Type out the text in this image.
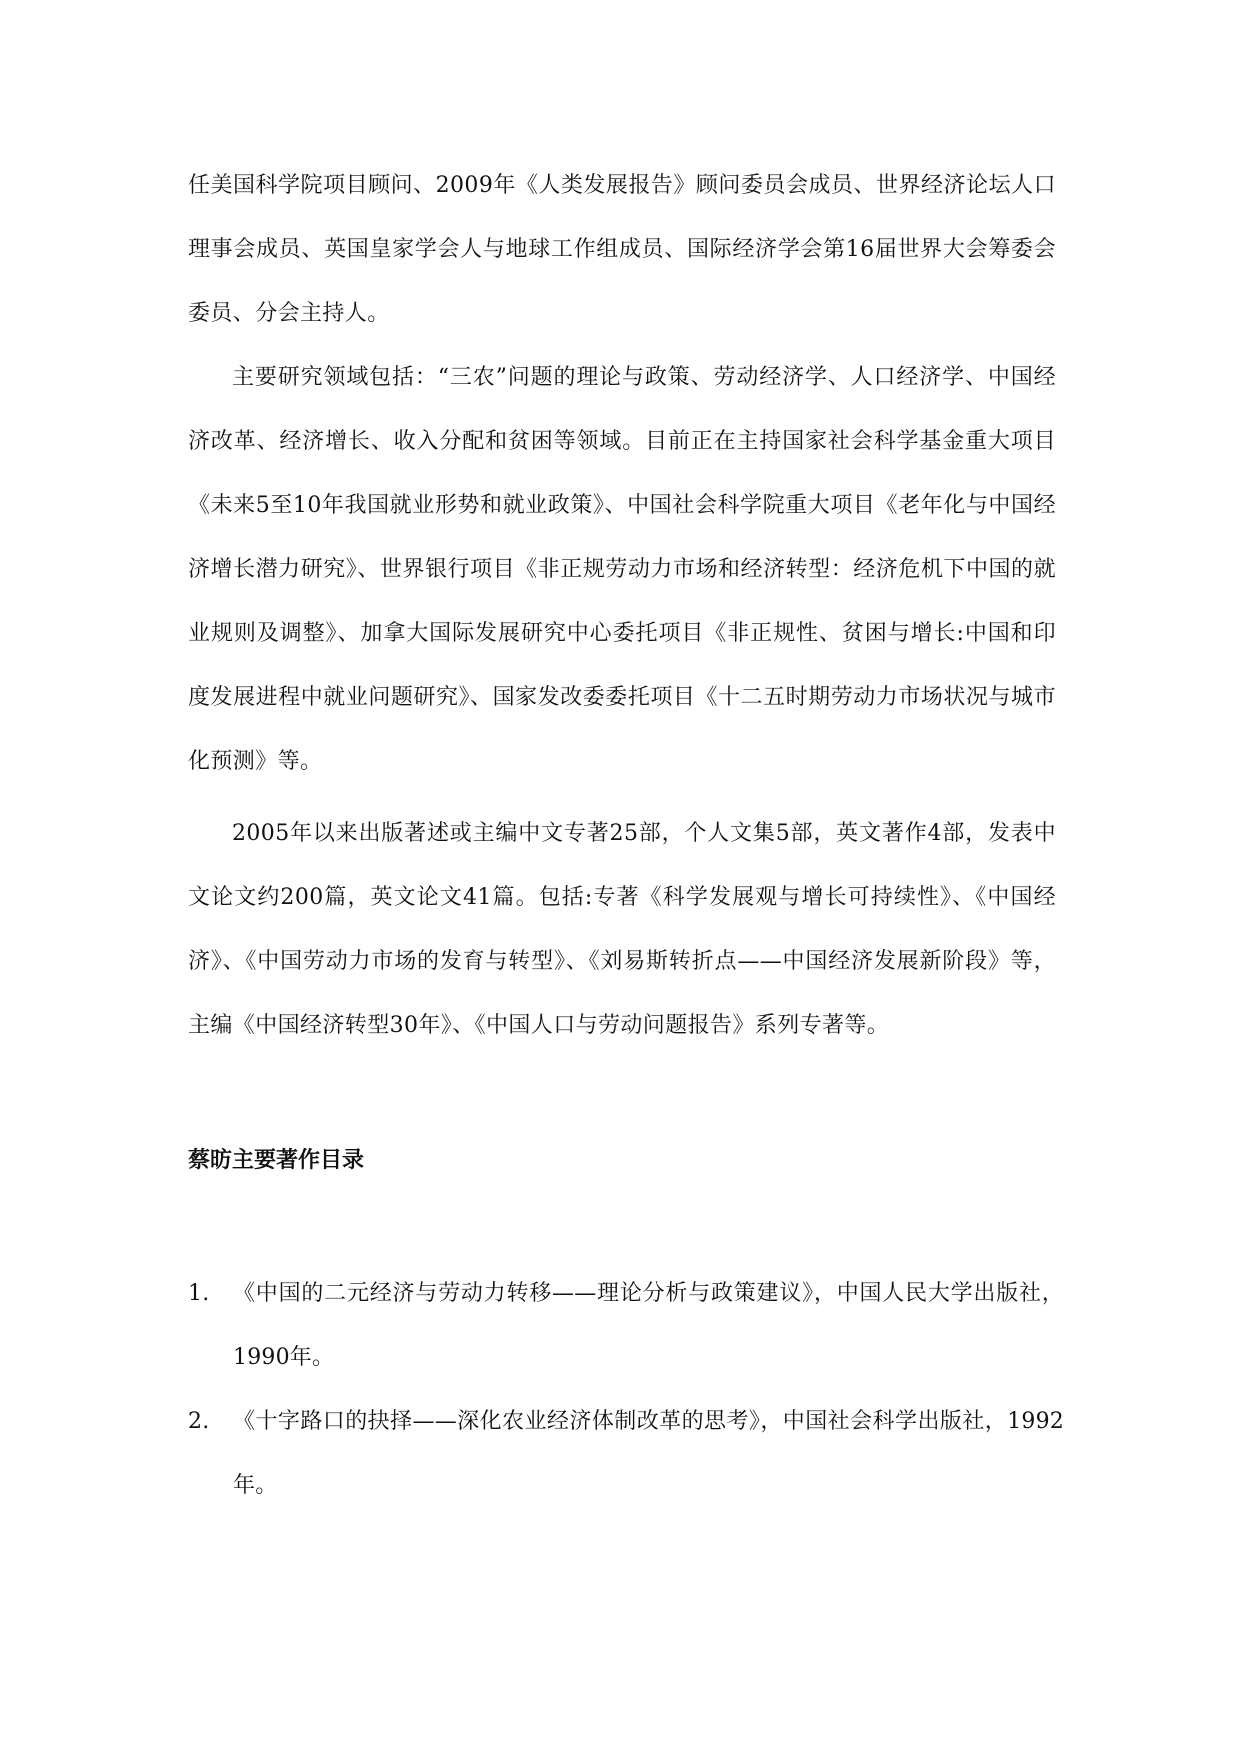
任美国科学院项目顾问、2009年《人类发展报告》顾问委员会成员、世界经济论坛人口理事会成员、英国皇家学会人与地球工作组成员、国际经济学会第16届世界大会筹委会委员、分会主持人。

主要研究领域包括：“三农”问题的理论与政策、劳动经济学、人口经济学、中国经济改革、经济增长、收入分配和贫困等领域。目前正在主持国家社会科学基金重大项目《未来5至10年我国就业形势和就业政策》、中国社会科学院重大项目《老年化与中国经济增长潜力研究》、世界银行项目《非正规劳动力市场和经济转型：经济危机下中国的就业规则及调整》、加拿大国际发展研究中心委托项目《非正规性、贫困与增长:中国和印度发展进程中就业问题研究》、国家发改委委托项目《十二五时期劳动力市场状况与城市化预测》等。

2005年以来出版著述或主编中文专著25部，个人文集5部，英文著作4部，发表中文论文约200篇，英文论文41篇。包括:专著《科学发展观与增长可持续性》、《中国经济》、《中国劳动力市场的发育与转型》、《刘易斯转折点——中国经济发展新阶段》等，主编《中国经济转型30年》、《中国人口与劳动问题报告》系列专著等。

蔡昉主要著作目录
1. 《中国的二元经济与劳动力转移——理论分析与政策建议》，中国人民大学出版社，1990年。
2. 《十字路口的抉择——深化农业经济体制改革的思考》，中国社会科学出版社，1992年。
